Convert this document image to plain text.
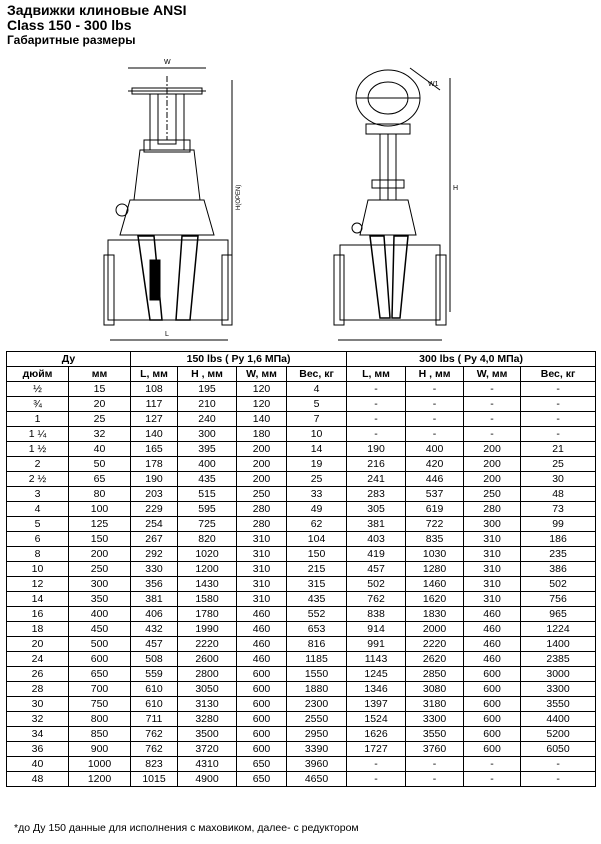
Задвижки клиновые ANSI
Class 150 - 300 lbs
Габаритные размеры
W
H(OPEN)
L
W1
H
Ду		150 lbs ( Ру 1,6 МПа)				300 lbs ( Ру 4,0 МПа)			
дюйм	мм	L, мм	H , мм	W, мм	Вес, кг	L, мм	H , мм	W, мм	Вес, кг
½	15	108	195	120	4	-	-	-	-
¾	20	117	210	120	5	-	-	-	-
1	25	127	240	140	7	-	-	-	-
1 ¼	32	140	300	180	10	-	-	-	-
1 ½	40	165	395	200	14	190	400	200	21
2	50	178	400	200	19	216	420	200	25
2 ½	65	190	435	200	25	241	446	200	30
3	80	203	515	250	33	283	537	250	48
4	100	229	595	280	49	305	619	280	73
5	125	254	725	280	62	381	722	300	99
6	150	267	820	310	104	403	835	310	186
8	200	292	1020	310	150	419	1030	310	235
10	250	330	1200	310	215	457	1280	310	386
12	300	356	1430	310	315	502	1460	310	502
14	350	381	1580	310	435	762	1620	310	756
16	400	406	1780	460	552	838	1830	460	965
18	450	432	1990	460	653	914	2000	460	1224
20	500	457	2220	460	816	991	2220	460	1400
24	600	508	2600	460	1185	1143	2620	460	2385
26	650	559	2800	600	1550	1245	2850	600	3000
28	700	610	3050	600	1880	1346	3080	600	3300
30	750	610	3130	600	2300	1397	3180	600	3550
32	800	711	3280	600	2550	1524	3300	600	4400
34	850	762	3500	600	2950	1626	3550	600	5200
36	900	762	3720	600	3390	1727	3760	600	6050
40	1000	823	4310	650	3960	-	-	-	-
48	1200	1015	4900	650	4650	-	-	-	-
*до Ду 150 данные для исполнения с маховиком, далее- с редуктором
